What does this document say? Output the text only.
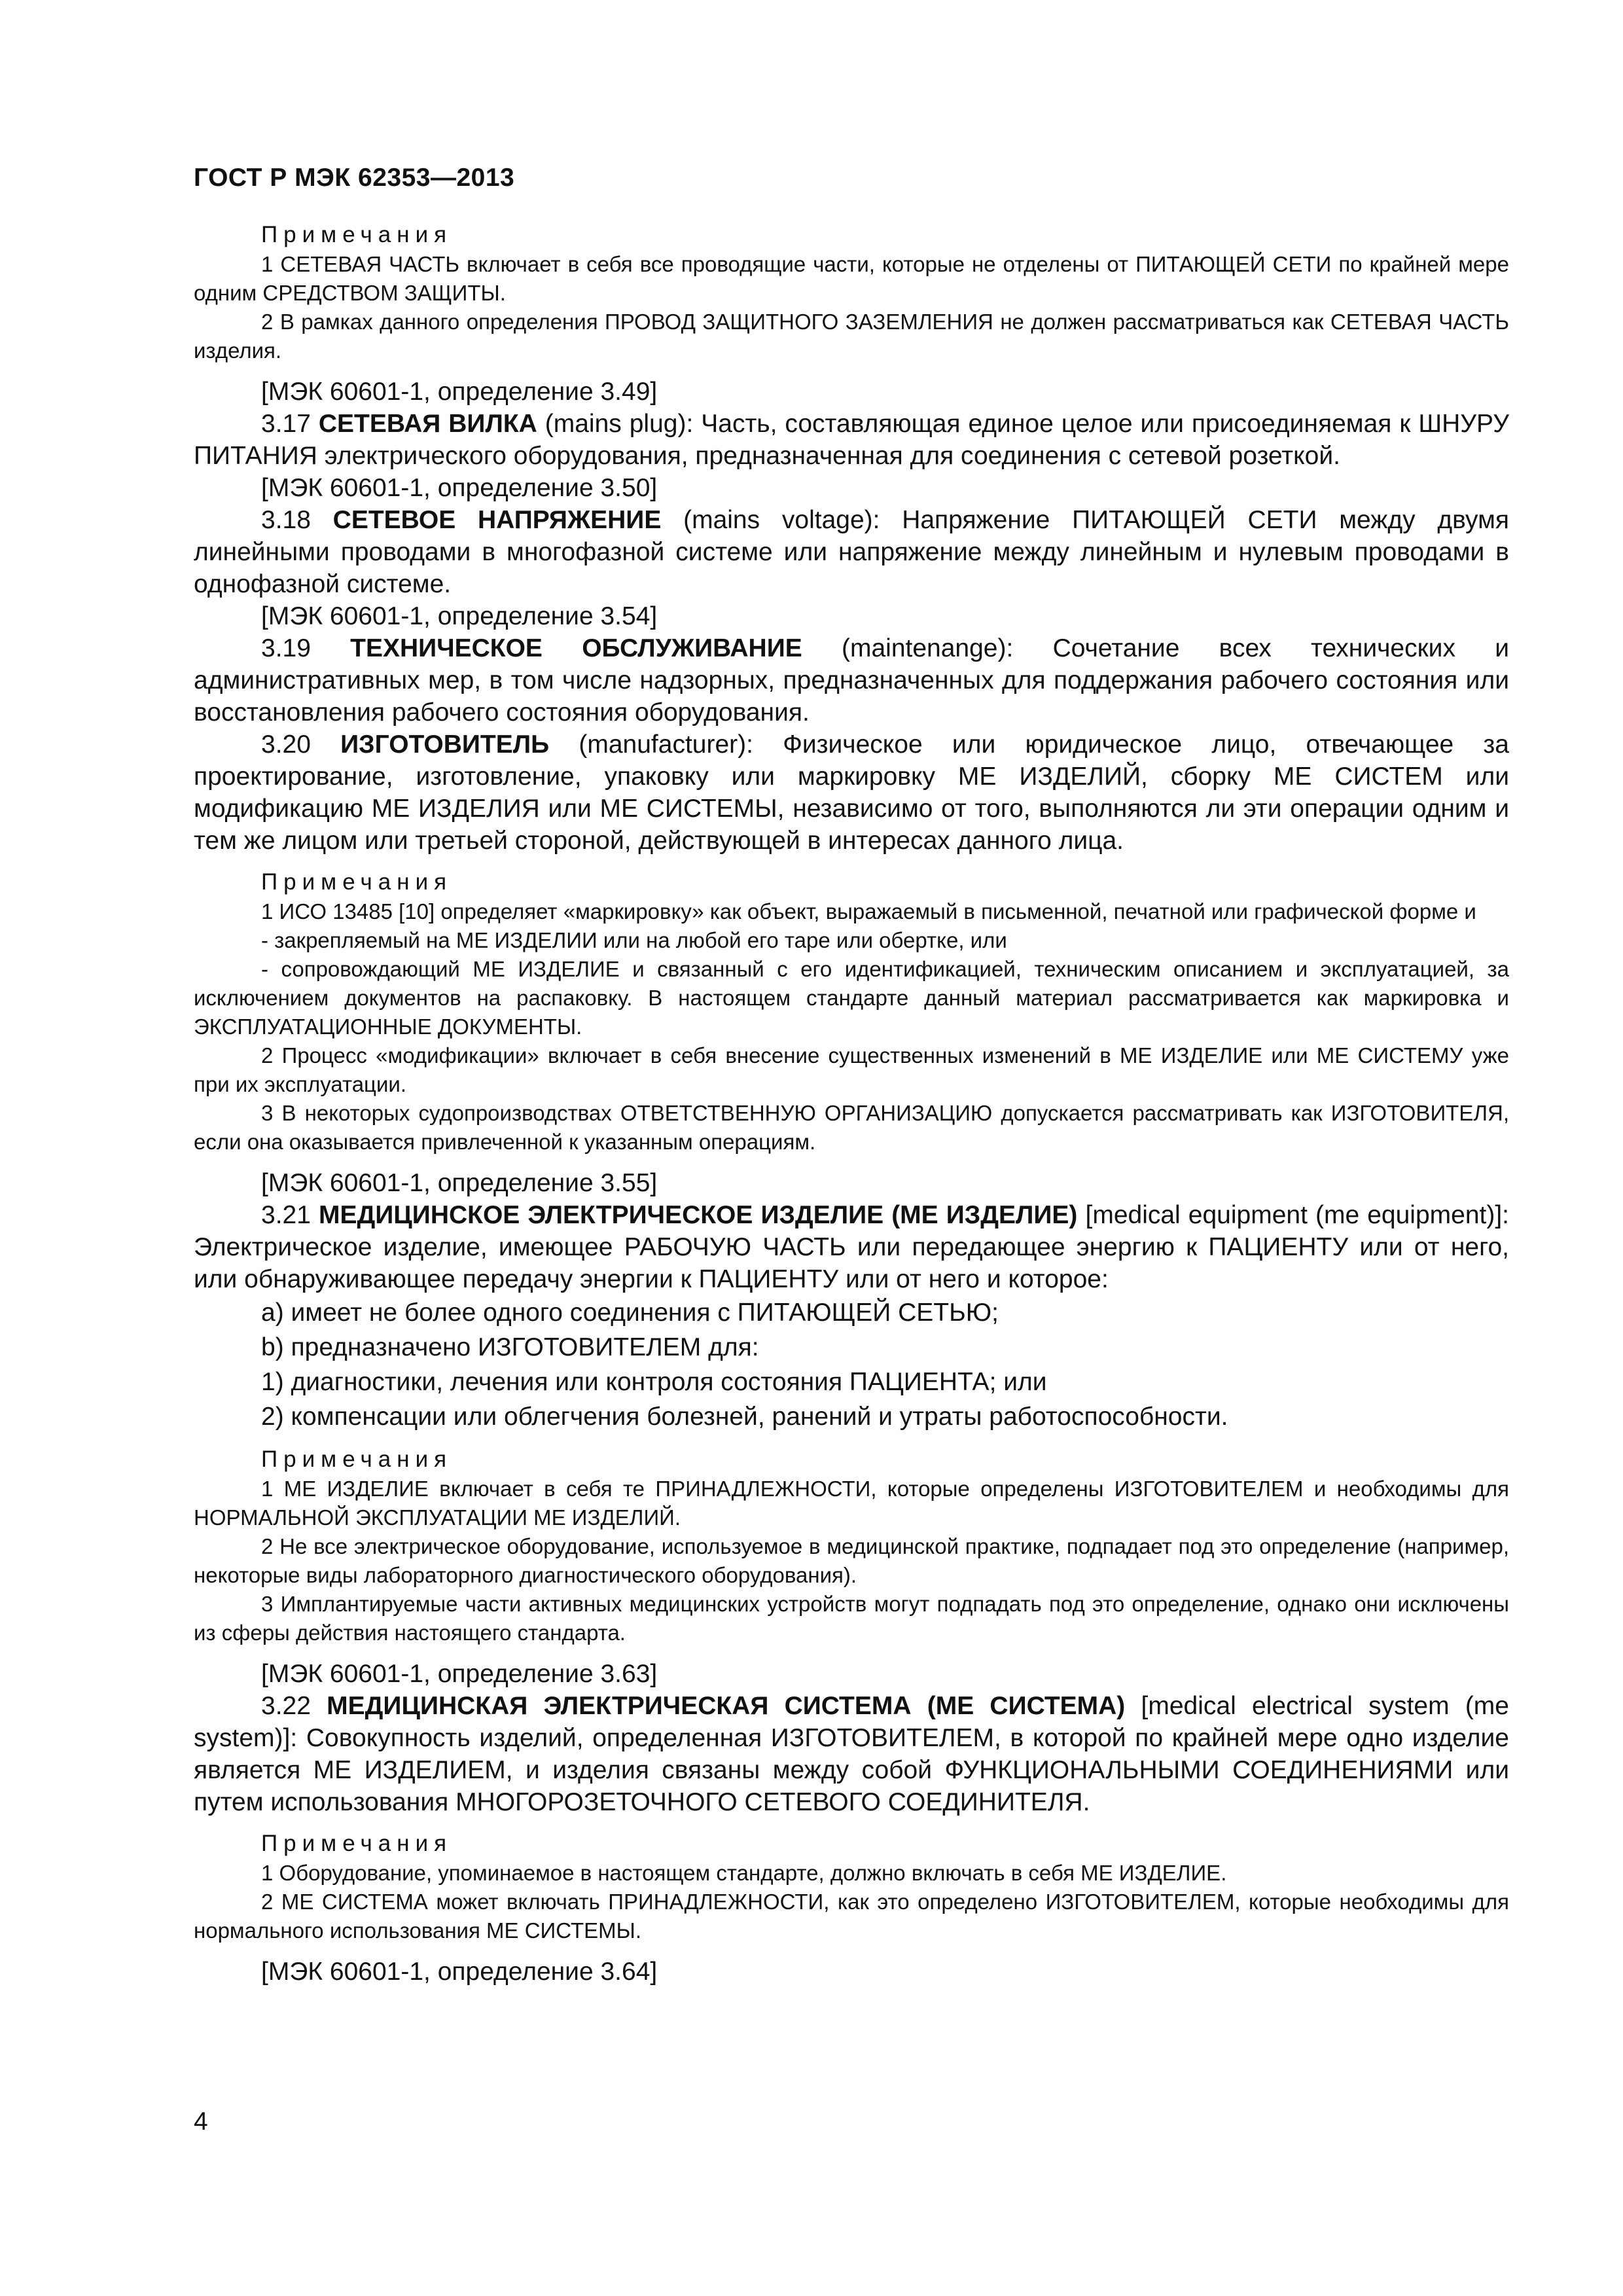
ГОСТ Р МЭК 62353—2013
Примечания

1 СЕТЕВАЯ ЧАСТЬ включает в себя все проводящие части, которые не отделены от ПИТАЮЩЕЙ СЕТИ по крайней мере одним СРЕДСТВОМ ЗАЩИТЫ.

2 В рамках данного определения ПРОВОД ЗАЩИТНОГО ЗАЗЕМЛЕНИЯ не должен рассматриваться как СЕТЕВАЯ ЧАСТЬ изделия.

[МЭК 60601-1, определение 3.49]

3.17 СЕТЕВАЯ ВИЛКА (mains plug): Часть, составляющая единое целое или присоединяемая к ШНУРУ ПИТАНИЯ электрического оборудования, предназначенная для соединения с сетевой розеткой.

[МЭК 60601-1, определение 3.50]

3.18 СЕТЕВОЕ НАПРЯЖЕНИЕ (mains voltage): Напряжение ПИТАЮЩЕЙ СЕТИ между двумя линейными проводами в многофазной системе или напряжение между линейным и нулевым проводами в однофазной системе.

[МЭК 60601-1, определение 3.54]

3.19 ТЕХНИЧЕСКОЕ ОБСЛУЖИВАНИЕ (maintenange): Сочетание всех технических и административных мер, в том числе надзорных, предназначенных для поддержания рабочего состояния или восстановления рабочего состояния оборудования.

3.20 ИЗГОТОВИТЕЛЬ (manufacturer): Физическое или юридическое лицо, отвечающее за проектирование, изготовление, упаковку или маркировку МЕ ИЗДЕЛИЙ, сборку МЕ СИСТЕМ или модификацию МЕ ИЗДЕЛИЯ или МЕ СИСТЕМЫ, независимо от того, выполняются ли эти операции одним и тем же лицом или третьей стороной, действующей в интересах данного лица.

Примечания

1 ИСО 13485 [10] определяет «маркировку» как объект, выражаемый в письменной, печатной или графической форме и

- закрепляемый на МЕ ИЗДЕЛИИ или на любой его таре или обертке, или

- сопровождающий МЕ ИЗДЕЛИЕ и связанный с его идентификацией, техническим описанием и эксплуатацией, за исключением документов на распаковку. В настоящем стандарте данный материал рассматривается как маркировка и ЭКСПЛУАТАЦИОННЫЕ ДОКУМЕНТЫ.

2 Процесс «модификации» включает в себя внесение существенных изменений в МЕ ИЗДЕЛИЕ или МЕ СИСТЕМУ уже при их эксплуатации.

3 В некоторых судопроизводствах ОТВЕТСТВЕННУЮ ОРГАНИЗАЦИЮ допускается рассматривать как ИЗГОТОВИТЕЛЯ, если она оказывается привлеченной к указанным операциям.

[МЭК 60601-1, определение 3.55]

3.21 МЕДИЦИНСКОЕ ЭЛЕКТРИЧЕСКОЕ ИЗДЕЛИЕ (МЕ ИЗДЕЛИЕ) [medical equipment (me equipment)]: Электрическое изделие, имеющее РАБОЧУЮ ЧАСТЬ или передающее энергию к ПАЦИЕНТУ или от него, или обнаруживающее передачу энергии к ПАЦИЕНТУ или от него и которое:

a) имеет не более одного соединения с ПИТАЮЩЕЙ СЕТЬЮ;

b) предназначено ИЗГОТОВИТЕЛЕМ для:

1) диагностики, лечения или контроля состояния ПАЦИЕНТА; или

2) компенсации или облегчения болезней, ранений и утраты работоспособности.

Примечания

1 МЕ ИЗДЕЛИЕ включает в себя те ПРИНАДЛЕЖНОСТИ, которые определены ИЗГОТОВИТЕЛЕМ и необходимы для НОРМАЛЬНОЙ ЭКСПЛУАТАЦИИ МЕ ИЗДЕЛИЙ.

2 Не все электрическое оборудование, используемое в медицинской практике, подпадает под это определение (например, некоторые виды лабораторного диагностического оборудования).

3 Имплантируемые части активных медицинских устройств могут подпадать под это определение, однако они исключены из сферы действия настоящего стандарта.

[МЭК 60601-1, определение 3.63]

3.22 МЕДИЦИНСКАЯ ЭЛЕКТРИЧЕСКАЯ СИСТЕМА (МЕ СИСТЕМА) [medical electrical system (me system)]: Совокупность изделий, определенная ИЗГОТОВИТЕЛЕМ, в которой по крайней мере одно изделие является МЕ ИЗДЕЛИЕМ, и изделия связаны между собой ФУНКЦИОНАЛЬНЫМИ СОЕДИНЕНИЯМИ или путем использования МНОГОРОЗЕТОЧНОГО СЕТЕВОГО СОЕДИНИТЕЛЯ.

Примечания

1 Оборудование, упоминаемое в настоящем стандарте, должно включать в себя МЕ ИЗДЕЛИЕ.

2 МЕ СИСТЕМА может включать ПРИНАДЛЕЖНОСТИ, как это определено ИЗГОТОВИТЕЛЕМ, которые необходимы для нормального использования МЕ СИСТЕМЫ.

[МЭК 60601-1, определение 3.64]

4
